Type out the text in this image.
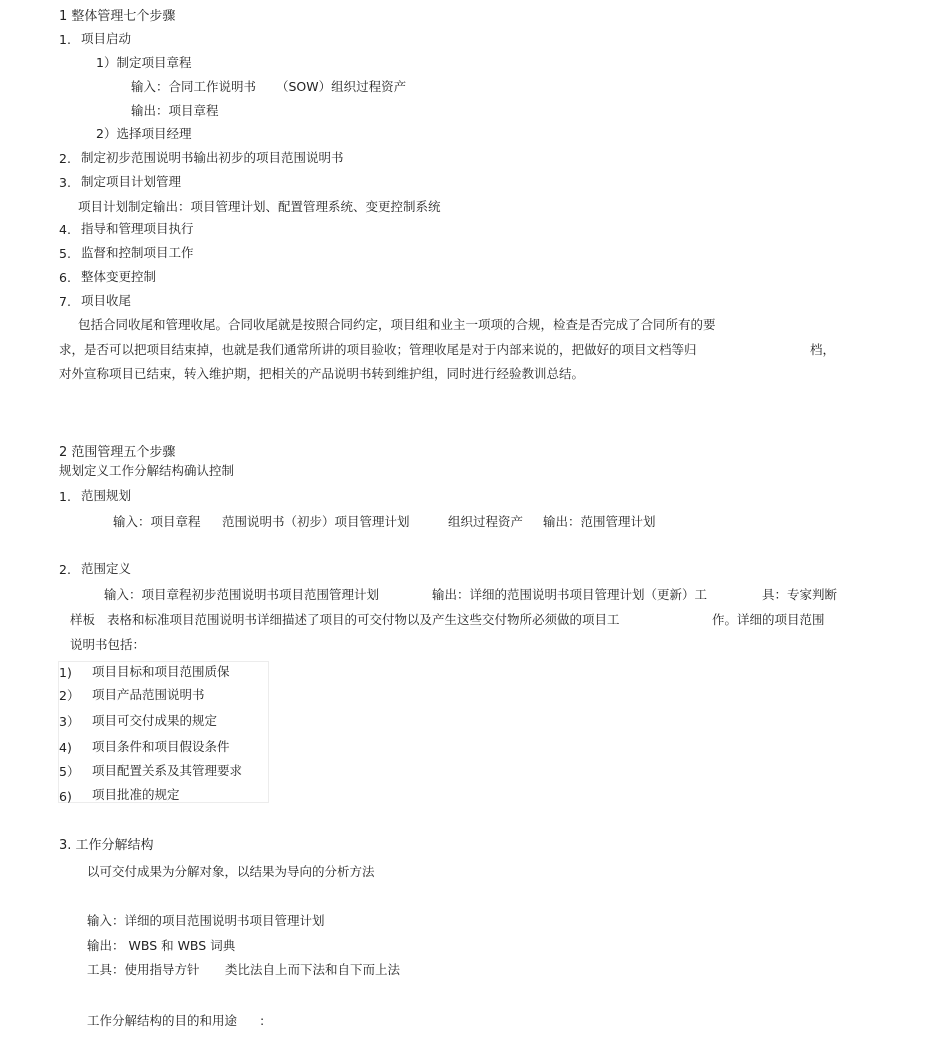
1 整体管理七个步骤
1. 项目启动
1）制定项目章程
输入：合同工作说明书 （SOW）组织过程资产
输出：项目章程
2）选择项目经理
2. 制定初步范围说明书输出初步的项目范围说明书
3. 制定项目计划管理
项目计划制定输出：项目管理计划、配置管理系统、变更控制系统
4. 指导和管理项目执行
5. 监督和控制项目工作
6. 整体变更控制
7. 项目收尾
包括合同收尾和管理收尾。合同收尾就是按照合同约定，项目组和业主一项项的合规，检查是否完成了合同所有的要
求，是否可以把项目结束掉，也就是我们通常所讲的项目验收；管理收尾是对于内部来说的，把做好的项目文档等归	档，
对外宣称项目已结束，转入维护期，把相关的产品说明书转到维护组，同时进行经验教训总结。
2 范围管理五个步骤
规划定义工作分解结构确认控制
1. 范围规划
输入：项目章程 范围说明书（初步）项目管理计划	组织过程资产 输出：范围管理计划
2. 范围定义
输入：项目章程初步范围说明书项目范围管理计划	输出：详细的范围说明书项目管理计划（更新）工	具：专家判断
样板 表格和标准项目范围说明书详细描述了项目的可交付物以及产生这些交付物所必须做的项目工	作。详细的项目范围
说明书包括：
1) 项目目标和项目范围质保
2） 项目产品范围说明书
3） 项目可交付成果的规定
4) 项目条件和项目假设条件
5） 项目配置关系及其管理要求
6) 项目批准的规定
3. 工作分解结构
以可交付成果为分解对象，以结果为导向的分析方法
输入：详细的项目范围说明书项目管理计划
输出： WBS 和 WBS 词典
工具：使用指导方针 类比法自上而下法和自下而上法
工作分解结构的目的和用途 :
